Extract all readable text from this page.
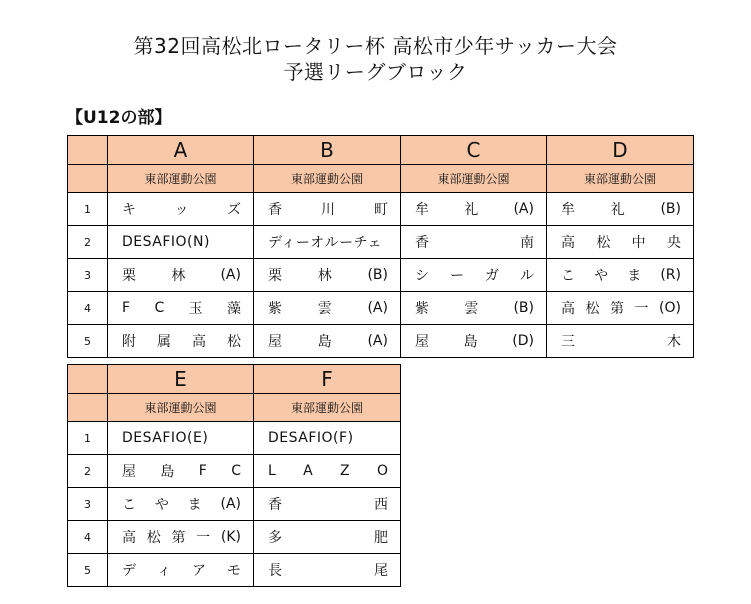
第32回高松北ロータリー杯 高松市少年サッカー大会
予選リーグブロック
【U12の部】
	A	B	C	D
	東部運動公園	東部運動公園	東部運動公園	東部運動公園
1	キ ッ ズ	香 川 町	牟 礼 (A)	牟 礼 (B)

2	DESAFIO(N)	ディーオルーチェ	香 南	高 松 中 央

3	栗 林 (A)	栗 林 (B)	シ ー ガ ル	こ や ま (R)

4	F C 玉 藻	紫 雲 (A)	紫 雲 (B)	高 松 第 一 (O)

5	附 属 高 松	屋 島 (A)	屋 島 (D)	三 木
	E	F
	東部運動公園	東部運動公園
1	DESAFIO(E)	DESAFIO(F)

2	屋 島 F C	L A Z O

3	こ や ま (A)	香 西

4	高 松 第 一 (K)	多 肥

5	デ ィ ア モ	長 尾
